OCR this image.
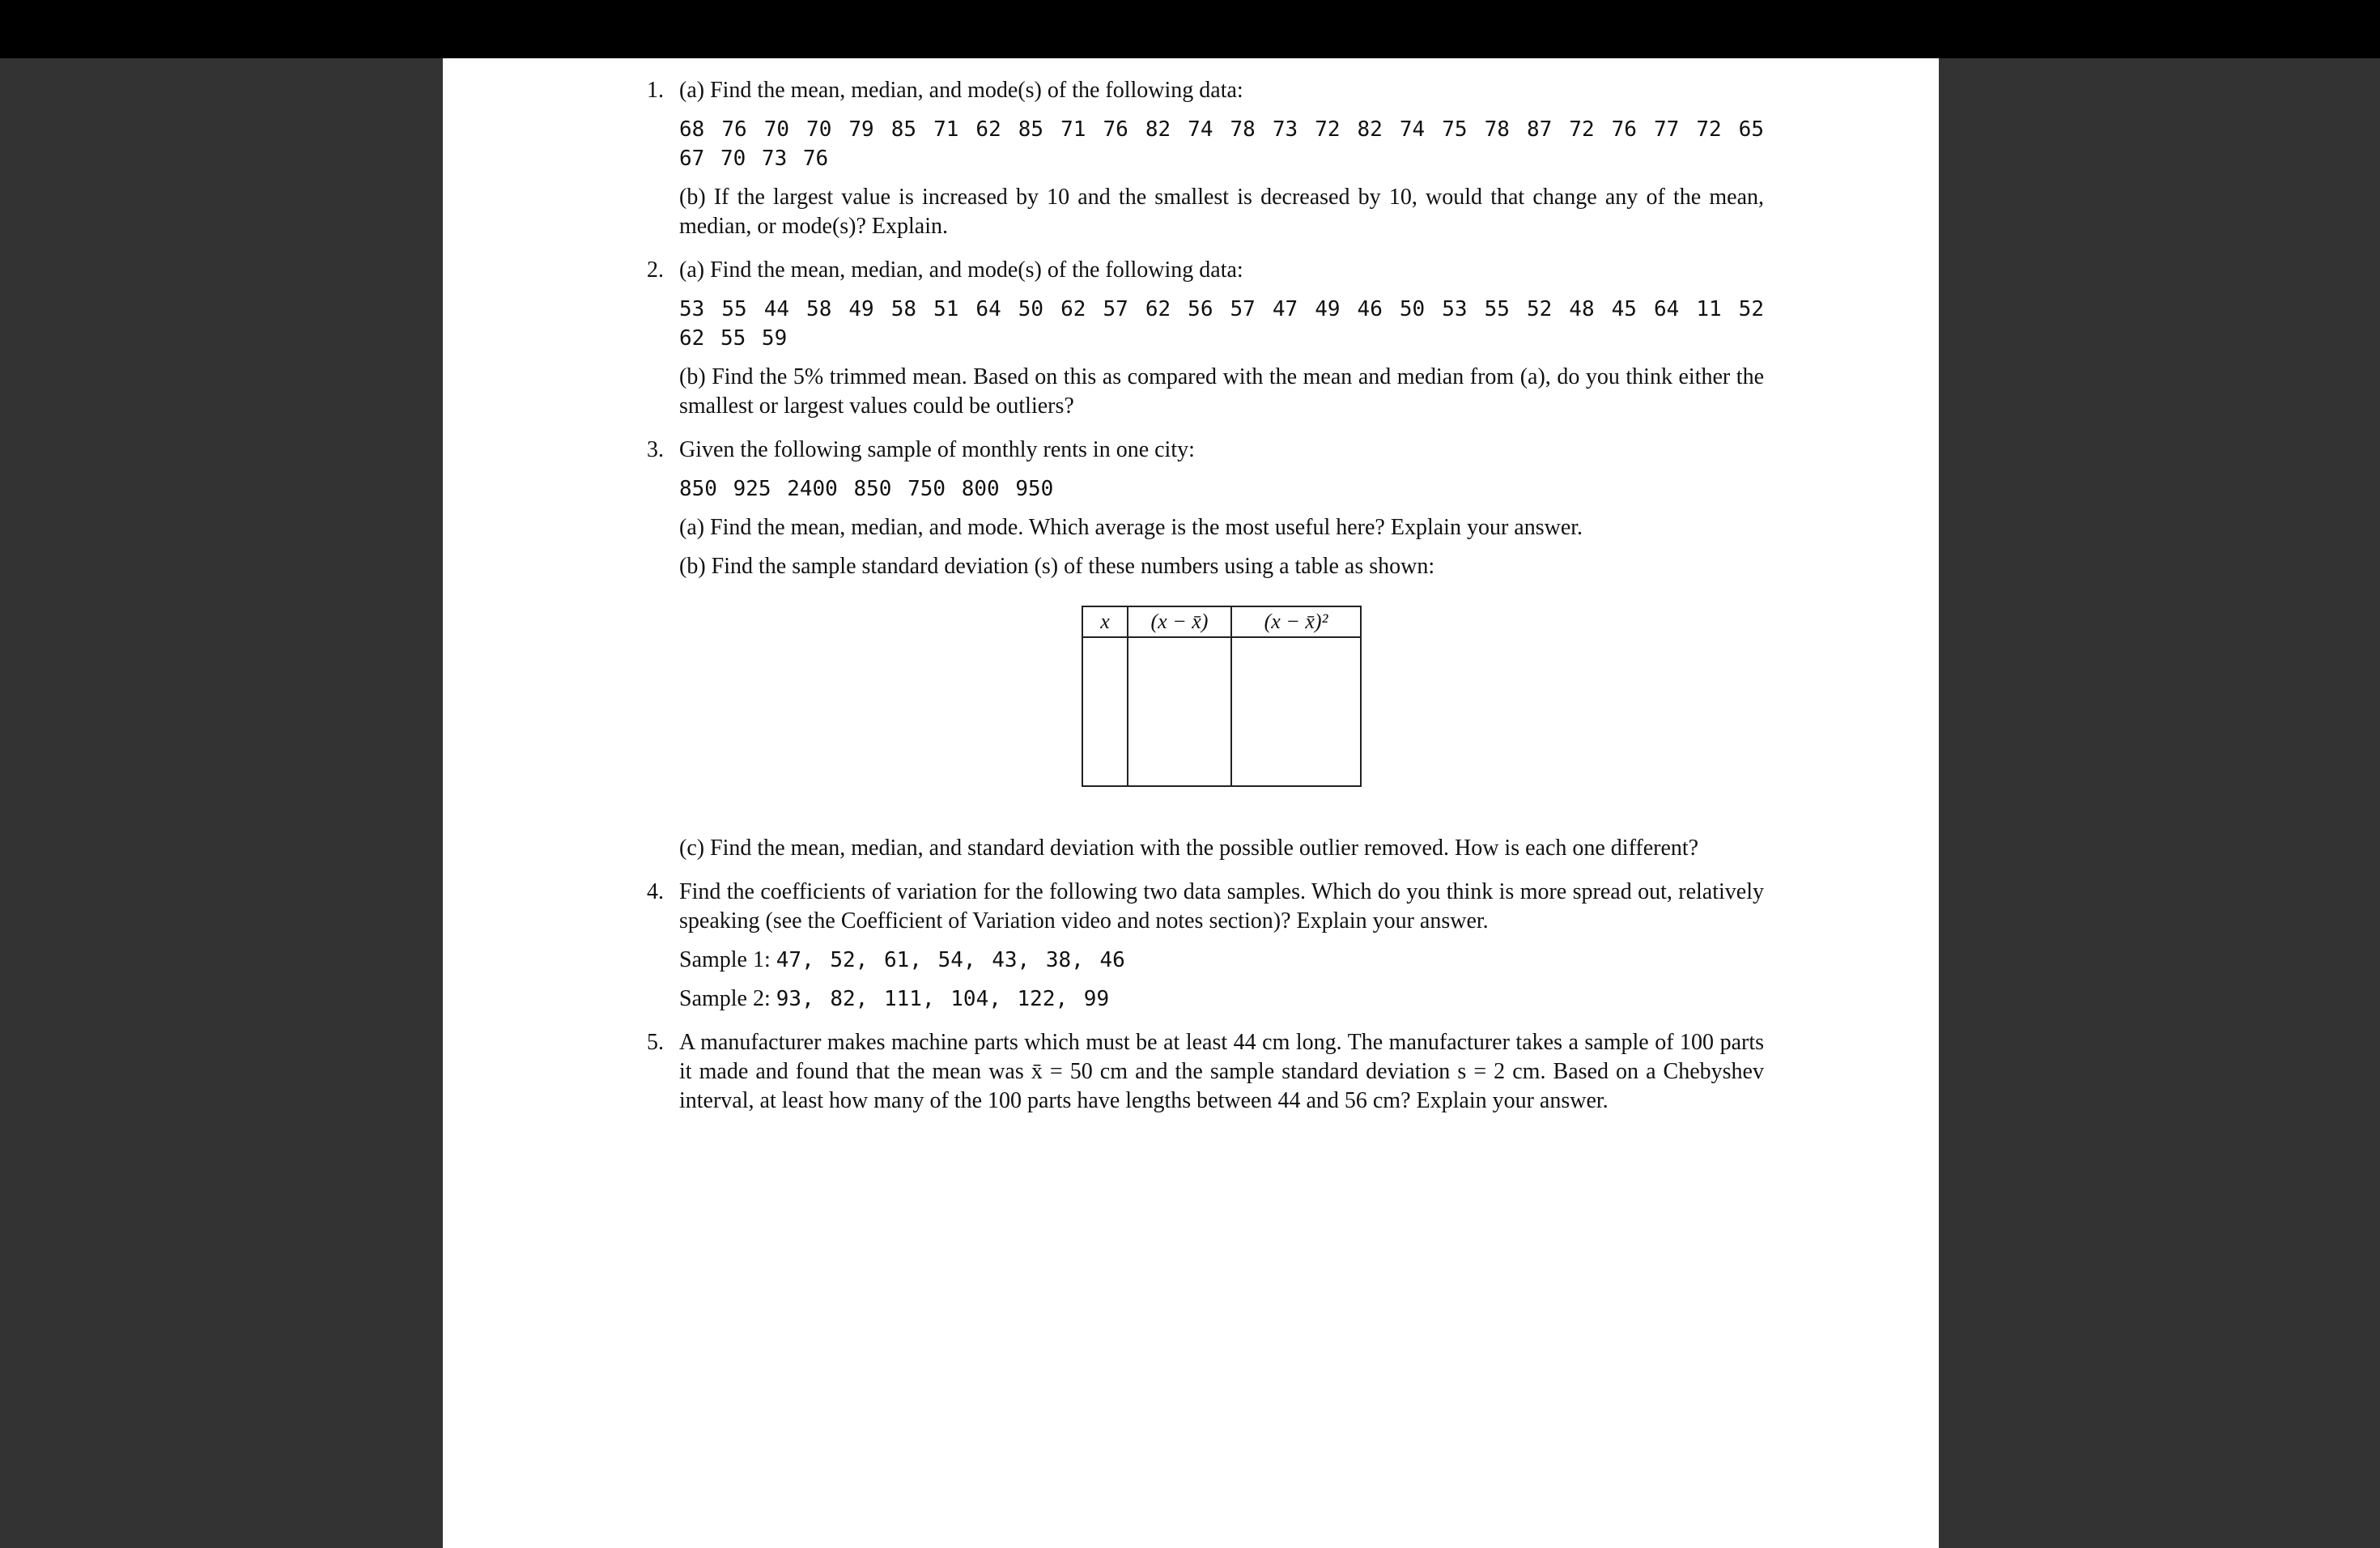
1. (a) Find the mean, median, and mode(s) of the following data:

68 76 70 70 79 85 71 62 85 71 76 82 74 78 73 72 82 74 75 78 87 72 76 77 72 65 67 70 73 76

(b) If the largest value is increased by 10 and the smallest is decreased by 10, would that change any of the mean, median, or mode(s)? Explain.

2. (a) Find the mean, median, and mode(s) of the following data:

53 55 44 58 49 58 51 64 50 62 57 62 56 57 47 49 46 50 53 55 52 48 45 64 11 52 62 55 59

(b) Find the 5% trimmed mean. Based on this as compared with the mean and median from (a), do you think either the smallest or largest values could be outliers?

3. Given the following sample of monthly rents in one city:

850 925 2400 850 750 800 950

(a) Find the mean, median, and mode. Which average is the most useful here? Explain your answer.

(b) Find the sample standard deviation (s) of these numbers using a table as shown:

x	(x − x̄)	(x − x̄)²

(c) Find the mean, median, and standard deviation with the possible outlier removed. How is each one different?

4. Find the coefficients of variation for the following two data samples. Which do you think is more spread out, relatively speaking (see the Coefficient of Variation video and notes section)? Explain your answer.

Sample 1: 47, 52, 61, 54, 43, 38, 46
Sample 2: 93, 82, 111, 104, 122, 99
5. A manufacturer makes machine parts which must be at least 44 cm long. The manufacturer takes a sample of 100 parts it made and found that the mean was x̄ = 50 cm and the sample standard deviation s = 2 cm. Based on a Chebyshev interval, at least how many of the 100 parts have lengths between 44 and 56 cm? Explain your answer.
